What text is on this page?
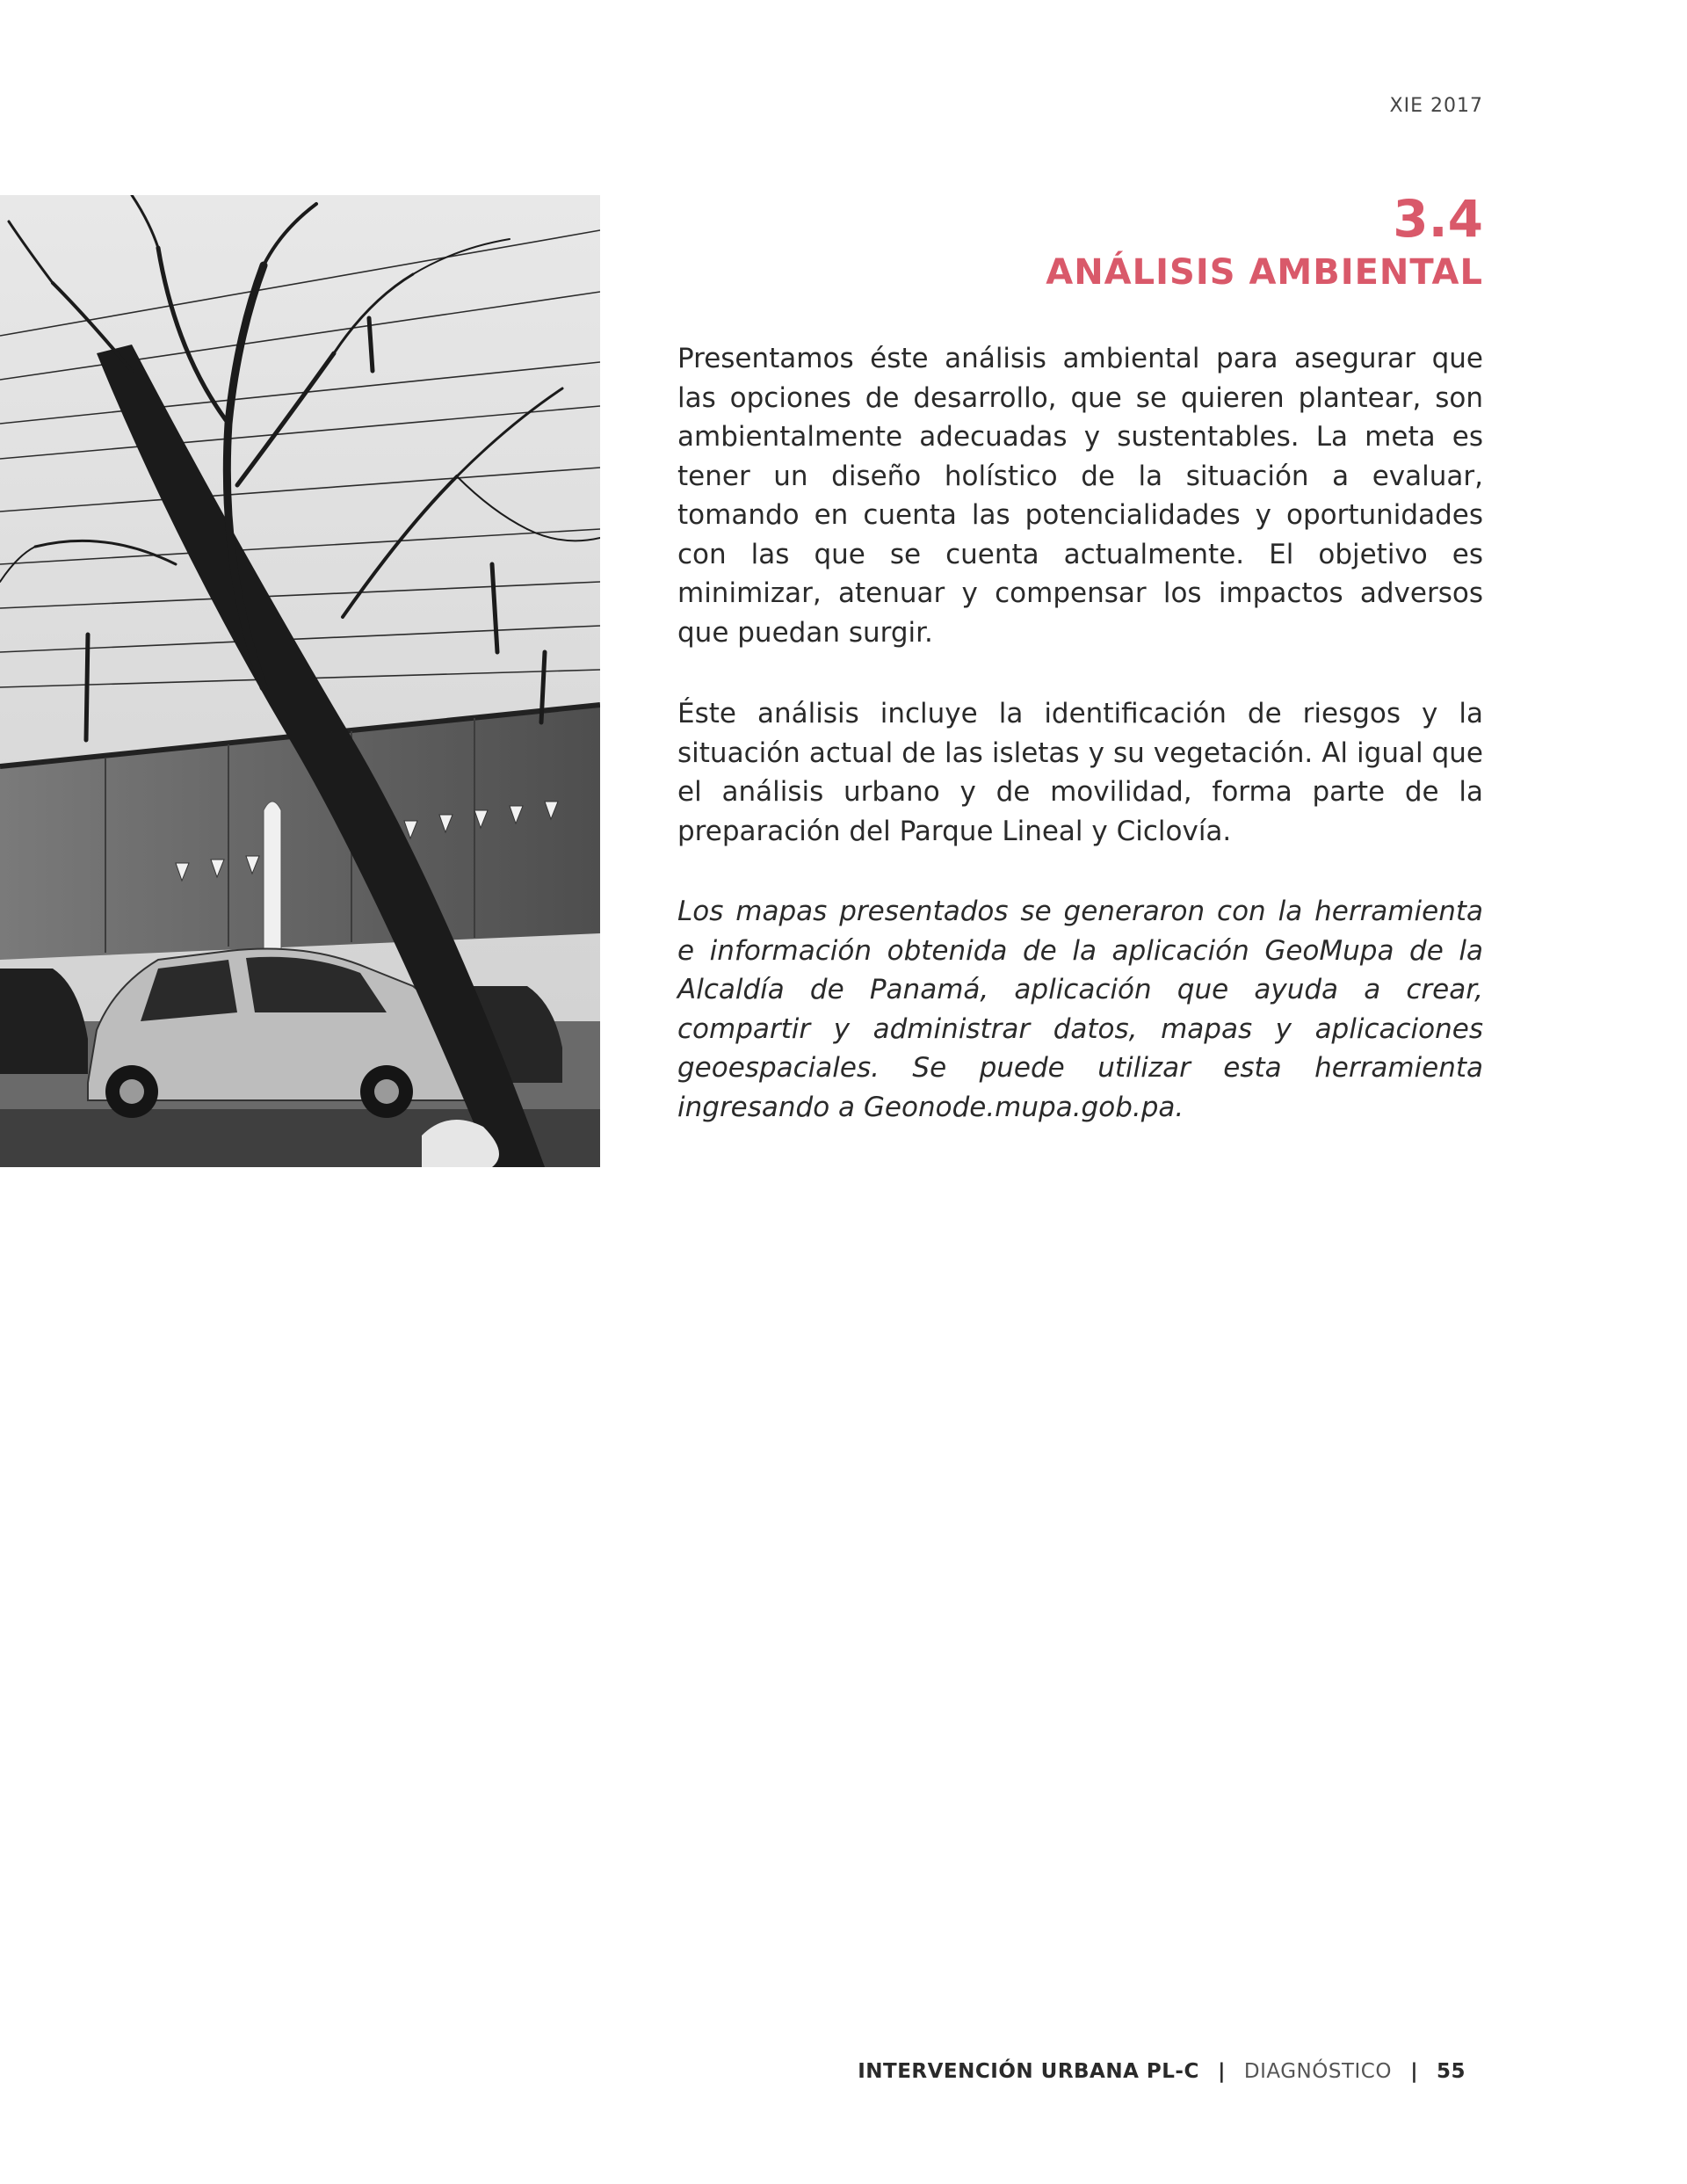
XIE 2017
3.4
ANÁLISIS AMBIENTAL

Presentamos éste análisis ambiental para asegurar que las opciones de desarrollo, que se quieren plantear, son ambientalmente adecuadas y sustentables. La meta es tener un diseño holístico de la situación a evaluar, tomando en cuenta las potencialidades y oportunidades con las que se cuenta actualmente. El objetivo es minimizar, atenuar y compensar los impactos adversos que puedan surgir.

Éste análisis incluye la identificación de riesgos y la situación actual de las isletas y su vegetación. Al igual que el análisis urbano y de movilidad, forma parte de la preparación del Parque Lineal y Ciclovía.

Los mapas presentados se generaron con la herramienta e información obtenida de la aplicación GeoMupa de la Alcaldía de Panamá, aplicación que ayuda a crear, compartir y administrar datos, mapas y aplicaciones geoespaciales. Se puede utilizar esta herramienta ingresando a Geonode.mupa.gob.pa.

INTERVENCIÓN URBANA PL-C | DIAGNÓSTICO | 55
